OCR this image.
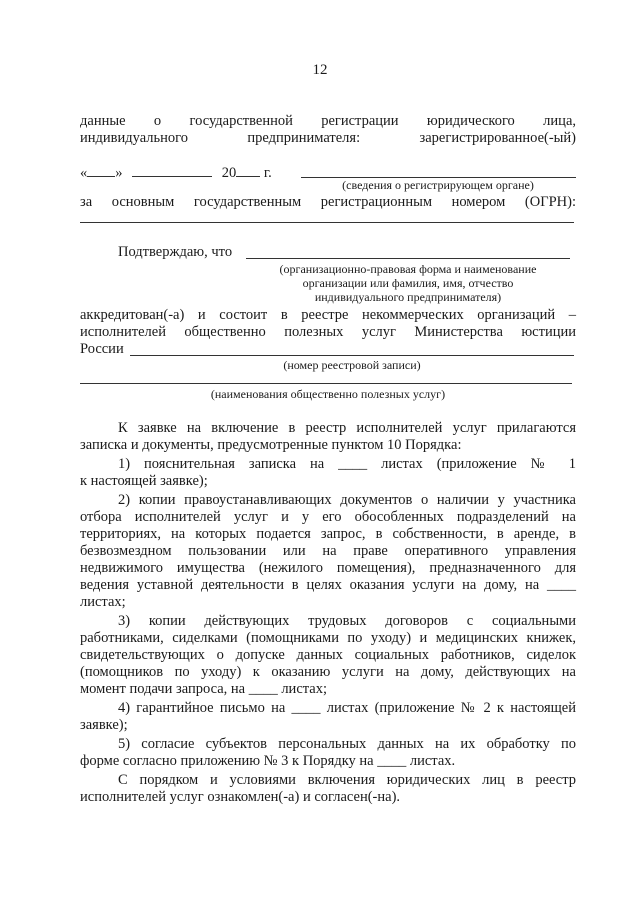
12
данные о государственной регистрации юридического лица,
индивидуального предпринимателя: зарегистрированное(-ый)
« »	20 г.
(сведения о регистрирующем органе)
за основным государственным регистрационным номером (ОГРН):
Подтверждаю, что
(организационно-правовая форма и наименование
организации или фамилия, имя, отчество
индивидуального предпринимателя)
аккредитован(-а) и состоит в реестре некоммерческих организаций –
исполнителей общественно полезных услуг Министерства юстиции
России
(номер реестровой записи)
(наименования общественно полезных услуг)
К заявке на включение в реестр исполнителей услуг прилагаются
записка и документы, предусмотренные пунктом 10 Порядка:
1) пояснительная записка на ____ листах (приложение № 1
к настоящей заявке);
2) копии правоустанавливающих документов о наличии у участника
отбора исполнителей услуг и у его обособленных подразделений на
территориях, на которых подается запрос, в собственности, в аренде, в
безвозмездном пользовании или на праве оперативного управления
недвижимого имущества (нежилого помещения), предназначенного для
ведения уставной деятельности в целях оказания услуги на дому, на ____
листах;
3) копии действующих трудовых договоров с социальными
работниками, сиделками (помощниками по уходу) и медицинских книжек,
свидетельствующих о допуске данных социальных работников, сиделок
(помощников по уходу) к оказанию услуги на дому, действующих на
момент подачи запроса, на ____ листах;
4) гарантийное письмо на ____ листах (приложение № 2 к настоящей
заявке);
5) согласие субъектов персональных данных на их обработку по
форме согласно приложению № 3 к Порядку на ____ листах.
С порядком и условиями включения юридических лиц в реестр
исполнителей услуг ознакомлен(-а) и согласен(-на).
